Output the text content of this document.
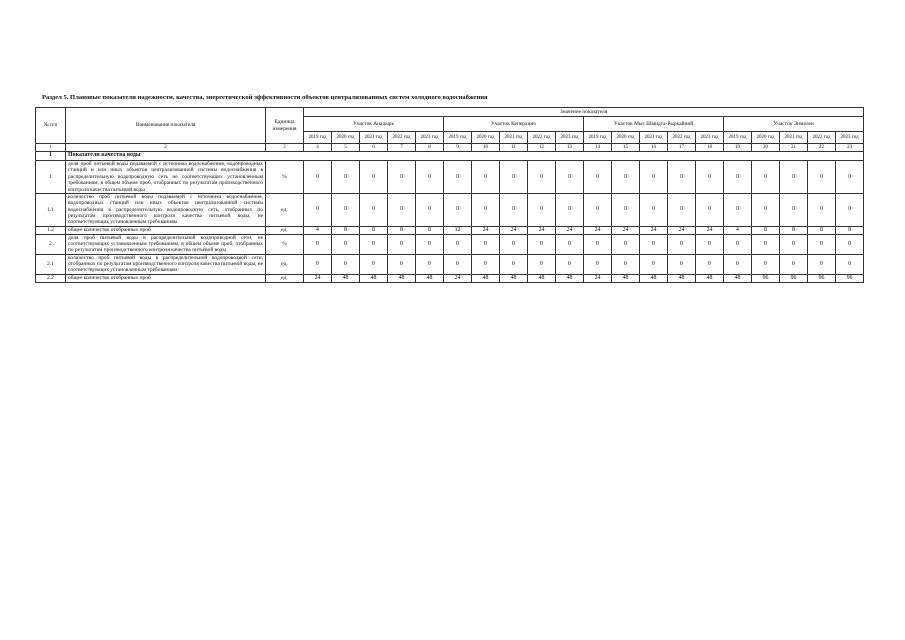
Раздел 5. Плановые показатели надежности, качества, энергетической эффективности объектов централизованных систем холодного водоснабжения
№ п/п	Наименование показателя	Единица измерения	Значение показателя																			
			Участок Анадырь					Участок Кеперхино					Участок Мыс Шмидта-Рыркайпий					Участок Энмелен				
			2019 год	2020 год	2021 год	2022 год	2023 год	2019 год	2020 год	2021 год	2022 год	2023 год	2019 год	2020 год	2021 год	2022 год	2023 год	2019 год	2020 год	2021 год	2022 год	2023 год
1	2	3	4	5	6	7	8	9	10	11	12	13	14	15	16	17	18	19	20	21	22	23
1	Показатели качества воды																					
1	доля проб питьевой воды подаваемой с источника водоснабжения, водопроводных станций и или иных объектов централизованной системы водоснабжения в распределительную водопроводную сеть не соответствующих установленным требованиям, в общем объеме проб, отобранных по результатам производственного контроля качества питьевой воды	%	0	0	0	0	0	0	0	0	0	0	0	0	0	0	0	0	0	0	0	0
1.1	количество проб питьевой воды подаваемой с источника водоснабжения, водопроводных станций или иных объектов централизованной системы водоснабжения в распределительную водопроводную сеть, отобранных по результатам производственного контроля качества питьевой воды, не соответствующих установленным требованиям	ед.	0	0	0	0	0	0	0	0	0	0	0	0	0	0	0	0	0	0	0	0
1.2	общее количество отобранных проб	ед.	4	8	8	8	8	12	24	24	24	24	24	24	24	24	24	4	8	8	8	8
2	доля проб питьевой воды в распределительной водопроводной сети, не соответствующих установленным требованиям, в общем объеме проб, отобранных по результатам производственного контроля качества питьевой воды	%	0	0	0	0	0	0	0	0	0	0	0	0	0	0	0	0	0	0	0	0
2.1	количество проб питьевой воды в распределительной водопроводной сети, отобранных по результатам производственного контроля качества питьевой воды, не соответствующих установленным требованиям	ед.	0	0	0	0	0	0	0	0	0	0	0	0	0	0	0	0	0	0	0	0
2.2	общее количество отобранных проб	ед.	24	48	48	48	48	24	48	48	48	48	24	48	48	48	48	48	96	96	96	96
